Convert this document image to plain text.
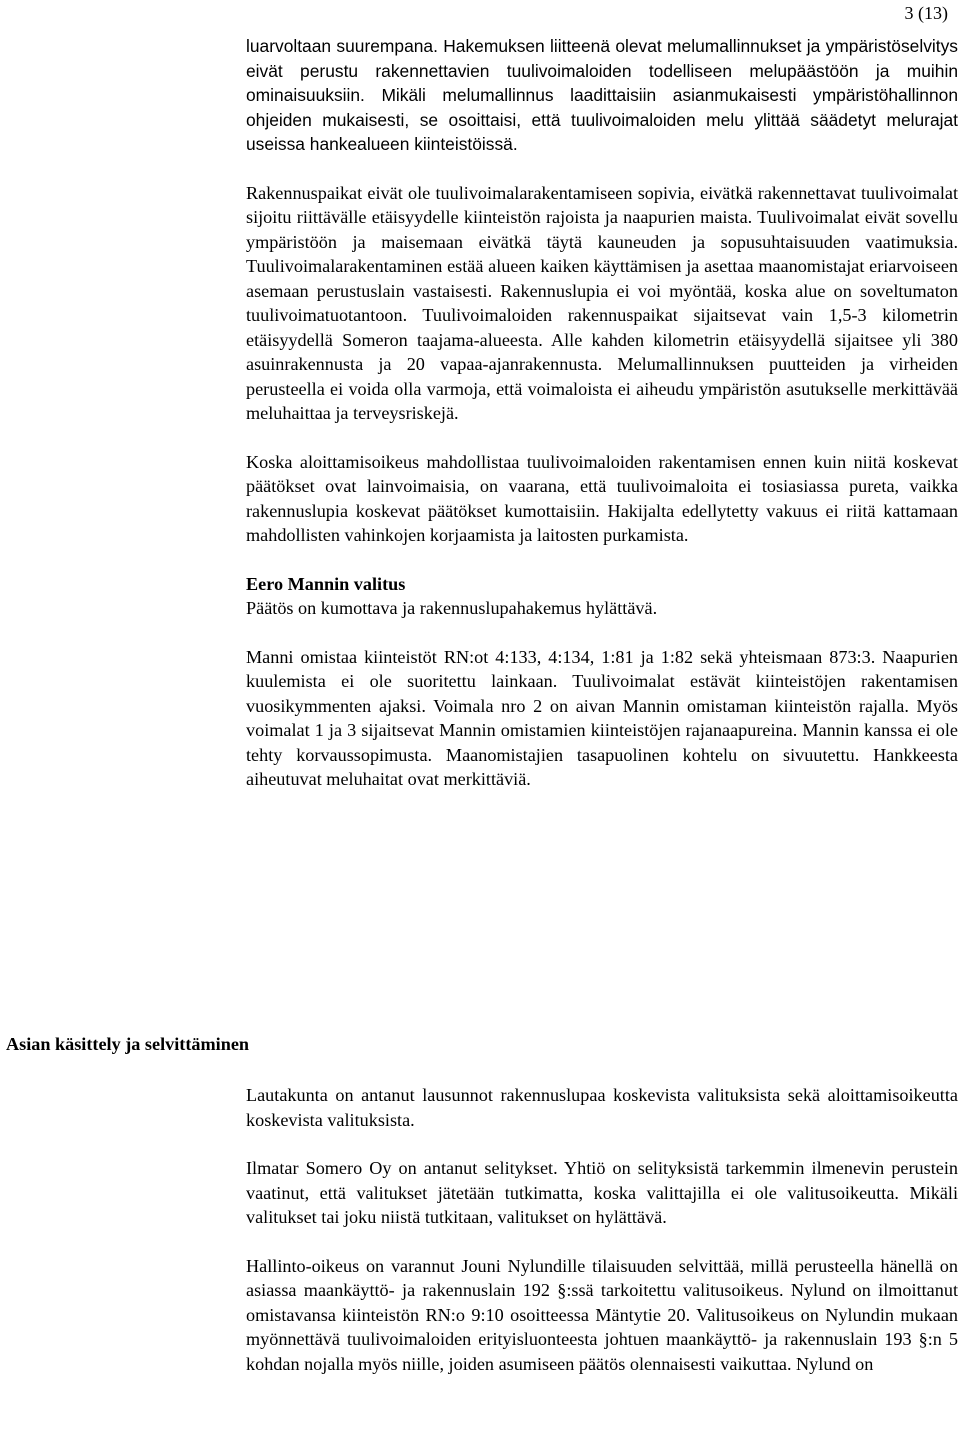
3 (13)

luarvoltaan suurempana. Hakemuksen liitteenä olevat melumallinnukset ja ympäristöselvitys eivät perustu rakennettavien tuulivoimaloiden todelliseen melupäästöön ja muihin ominaisuuksiin. Mikäli melumallinnus laadittaisiin asianmukaisesti ympäristöhallinnon ohjeiden mukaisesti, se osoittaisi, että tuulivoimaloiden melu ylittää säädetyt melurajat useissa hankealueen kiinteistöissä.

Rakennuspaikat eivät ole tuulivoimalarakentamiseen sopivia, eivätkä rakennettavat tuulivoimalat sijoitu riittävälle etäisyydelle kiinteistön rajoista ja naapurien maista. Tuulivoimalat eivät sovellu ympäristöön ja maisemaan eivätkä täytä kauneuden ja sopusuhtaisuuden vaatimuksia. Tuulivoimalarakentaminen estää alueen kaiken käyttämisen ja asettaa maanomistajat eriarvoiseen asemaan perustuslain vastaisesti. Rakennuslupia ei voi myöntää, koska alue on soveltumaton tuulivoimatuotantoon. Tuulivoimaloiden rakennuspaikat sijaitsevat vain 1,5-3 kilometrin etäisyydellä Someron taajama-alueesta. Alle kahden kilometrin etäisyydellä sijaitsee yli 380 asuinrakennusta ja 20 vapaa-ajanrakennusta. Melumallinnuksen puutteiden ja virheiden perusteella ei voida olla varmoja, että voimaloista ei aiheudu ympäristön asutukselle merkittävää meluhaittaa ja terveysriskejä.

Koska aloittamisoikeus mahdollistaa tuulivoimaloiden rakentamisen ennen kuin niitä koskevat päätökset ovat lainvoimaisia, on vaarana, että tuulivoimaloita ei tosiasiassa pureta, vaikka rakennuslupia koskevat päätökset kumottaisiin. Hakijalta edellytetty vakuus ei riitä kattamaan mahdollisten vahinkojen korjaamista ja laitosten purkamista.

Eero Mannin valitus

Päätös on kumottava ja rakennuslupahakemus hylättävä.

Manni omistaa kiinteistöt RN:ot 4:133, 4:134, 1:81 ja 1:82 sekä yhteismaan 873:3. Naapurien kuulemista ei ole suoritettu lainkaan. Tuulivoimalat estävät kiinteistöjen rakentamisen vuosikymmenten ajaksi. Voimala nro 2 on aivan Mannin omistaman kiinteistön rajalla. Myös voimalat 1 ja 3 sijaitsevat Mannin omistamien kiinteistöjen rajanaapureina. Mannin kanssa ei ole tehty korvaussopimusta. Maanomistajien tasapuolinen kohtelu on sivuutettu. Hankkeesta aiheutuvat meluhaitat ovat merkittäviä.

Asian käsittely ja selvittäminen

Lautakunta on antanut lausunnot rakennuslupaa koskevista valituksista sekä aloittamisoikeutta koskevista valituksista.

Ilmatar Somero Oy on antanut selitykset. Yhtiö on selityksistä tarkemmin ilmenevin perustein vaatinut, että valitukset jätetään tutkimatta, koska valittajilla ei ole valitusoikeutta. Mikäli valitukset tai joku niistä tutkitaan, valitukset on hylättävä.

Hallinto-oikeus on varannut Jouni Nylundille tilaisuuden selvittää, millä perusteella hänellä on asiassa maankäyttö- ja rakennuslain 192 §:ssä tarkoitettu valitusoikeus. Nylund on ilmoittanut omistavansa kiinteistön RN:o 9:10 osoitteessa Mäntytie 20. Valitusoikeus on Nylundin mukaan myönnettävä tuulivoimaloiden erityisluonteesta johtuen maankäyttö- ja rakennuslain 193 §:n 5 kohdan nojalla myös niille, joiden asumiseen päätös olennaisesti vaikuttaa. Nylund on
